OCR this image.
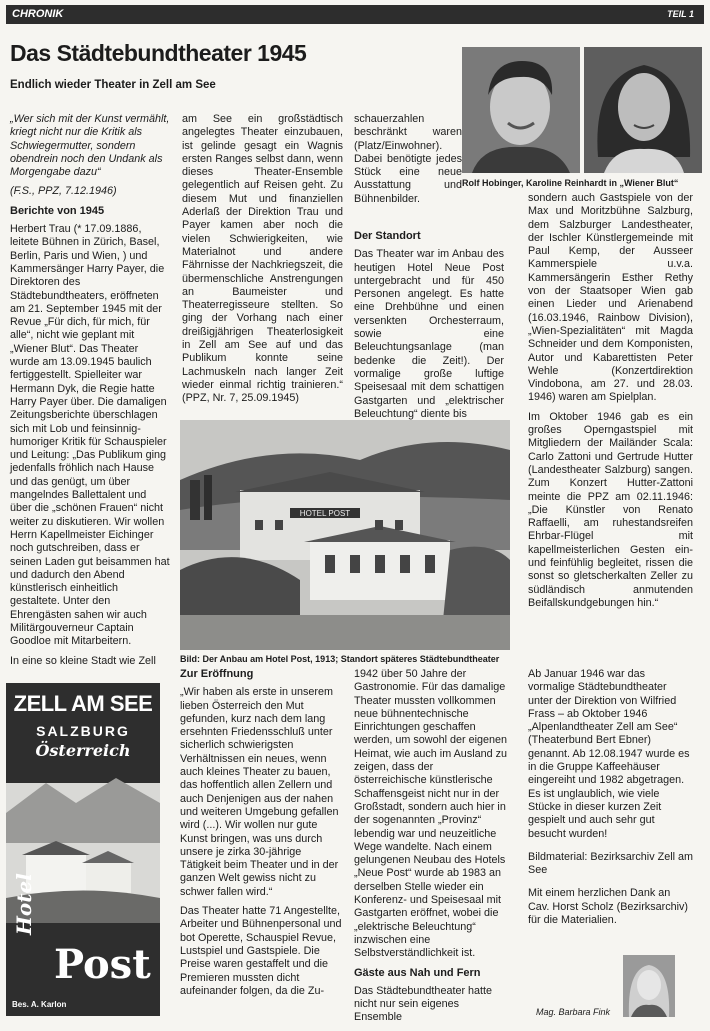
CHRONIK	TEIL 1
Das Städtebundtheater 1945
Endlich wieder Theater in Zell am See

„Wer sich mit der Kunst vermählt, kriegt nicht nur die Kritik als Schwiegermutter, sondern obendrein noch den Undank als Morgengabe dazu“

(F.S., PPZ, 7.12.1946)

Berichte von 1945

Herbert Trau (* 17.09.1886, leitete Bühnen in Zürich, Basel, Berlin, Paris und Wien, ) und Kammersänger Harry Payer, die Direktoren des Städtebundtheaters, eröffneten am 21. September 1945 mit der Revue „Für dich, für mich, für alle“, nicht wie geplant mit „Wiener Blut“. Das Theater wurde am 13.09.1945 baulich fertiggestellt. Spielleiter war Hermann Dyk, die Regie hatte Harry Payer über. Die damaligen Zeitungsberichte überschlagen sich mit Lob und feinsinnig-humoriger Kritik für Schauspieler und Leitung: „Das Publikum ging jedenfalls fröhlich nach Hause und das genügt, um über mangelndes Ballettalent und über die „schönen Frauen“ nicht weiter zu diskutieren. Wir wollen Herrn Kapellmeister Eichinger noch gutschreiben, dass er seinen Laden gut beisammen hat und dadurch den Abend künstlerisch einheitlich gestaltete. Unter den Ehrengästen sahen wir auch Militärgouverneur Captain Goodloe mit Mitarbeitern.

In eine so kleine Stadt wie Zell

am See ein großstädtisch angelegtes Theater einzubauen, ist gelinde gesagt ein Wagnis ersten Ranges selbst dann, wenn dieses Theater-Ensemble gelegentlich auf Reisen geht. Zu diesem Mut und finanziellen Aderlaß der Direktion Trau und Payer kamen aber noch die vielen Schwierigkeiten, wie Materialnot und andere Fährnisse der Nachkriegszeit, die übermenschliche Anstrengungen an Baumeister und Theaterregisseure stellten. So ging der Vorhang nach einer dreißigjährigen Theaterlosigkeit in Zell am See auf und das Publikum konnte seine Lachmuskeln nach langer Zeit wieder einmal richtig trainieren.“ (PPZ, Nr. 7, 25.09.1945)

schauerzahlen beschränkt waren (Platz/Einwohner). Dabei benötigte jedes Stück eine neue Ausstattung und Bühnenbilder.

Der Standort

Das Theater war im Anbau des heutigen Hotel Neue Post untergebracht und für 450 Personen angelegt. Es hatte eine Drehbühne und einen versenkten Orchesterraum, sowie eine Beleuchtungsanlage (man bedenke die Zeit!). Der vormalige große luftige Speisesaal mit dem schattigen Gastgarten und „elektrischer Beleuchtung“ diente bis

Rolf Hobinger, Karoline Reinhardt in „Wiener Blut“

sondern auch Gastspiele von der Max und Moritzbühne Salzburg, dem Salzburger Landestheater, der Ischler Künstlergemeinde mit Paul Kemp, der Ausseer Kammerspiele u.v.a. Kammersängerin Esther Rethy von der Staatsoper Wien gab einen Lieder und Arienabend (16.03.1946, Rainbow Division), „Wien-Spezialitäten“ mit Magda Schneider und dem Komponisten, Autor und Kabarettisten Peter Wehle (Konzertdirektion Vindobona, am 27. und 28.03. 1946) waren am Spielplan.

Im Oktober 1946 gab es ein großes Operngastspiel mit Mitgliedern der Mailänder Scala: Carlo Zattoni und Gertrude Hutter (Landestheater Salzburg) sangen. Zum Konzert Hutter-Zattoni meinte die PPZ am 02.11.1946: „Die Künstler von Renato Raffaelli, am ruhestandsreifen Ehrbar-Flügel mit kapellmeisterlichen Gesten ein- und feinfühlig begleitet, rissen die sonst so gletscherkalten Zeller zu südländisch anmutenden Beifallskundgebungen hin.“

HOTEL POST
Bild: Der Anbau am Hotel Post, 1913; Standort späteres Städtebundtheater
Zur Eröffnung

„Wir haben als erste in unserem lieben Österreich den Mut gefunden, kurz nach dem lang ersehnten Friedensschluß unter sicherlich schwierigsten Verhältnissen ein neues, wenn auch kleines Theater zu bauen, das hoffentlich allen Zellern und auch Denjenigen aus der nahen und weiteren Umgebung gefallen wird (...). Wir wollen nur gute Kunst bringen, was uns durch unsere je zirka 30-jährige Tätigkeit beim Theater und in der ganzen Welt gewiss nicht zu schwer fallen wird.“

Das Theater hatte 71 Angestellte, Arbeiter und Bühnenpersonal und bot Operette, Schauspiel Revue, Lustspiel und Gastspiele. Die Preise waren gestaffelt und die Premieren mussten dicht aufeinander folgen, da die Zu-

1942 über 50 Jahre der Gastronomie. Für das damalige Theater mussten vollkommen neue bühnentechnische Einrichtungen geschaffen werden, um sowohl der eigenen Heimat, wie auch im Ausland zu zeigen, dass der österreichische künstlerische Schaffensgeist nicht nur in der Großstadt, sondern auch hier in der sogenannten „Provinz“ lebendig war und neuzeitliche Wege wandelte. Nach einem gelungenen Neubau des Hotels „Neue Post“ wurde ab 1983 an derselben Stelle wieder ein Konferenz- und Speisesaal mit Gastgarten eröffnet, wobei die „elektrische Beleuchtung“ inzwischen eine Selbstverständlichkeit ist.

Gäste aus Nah und Fern

Das Städtebundtheater hatte nicht nur sein eigenes Ensemble

Ab Januar 1946 war das vormalige Städtebundtheater unter der Direktion von Wilfried Frass – ab Oktober 1946 „Alpenlandtheater Zell am See“ (Theaterbund Bert Ebner) genannt. Ab 12.08.1947 wurde es in die Gruppe Kaffeehäuser eingereiht und 1982 abgetragen. Es ist unglaublich, wie viele Stücke in dieser kurzen Zeit gespielt und auch sehr gut besucht wurden!

Bildmaterial: Bezirksarchiv Zell am See

Mit einem herzlichen Dank an Cav. Horst Scholz (Bezirksarchiv) für die Materialien.

ZELL AM SEE
SALZBURG
Österreich
Hotel
Post
Bes. A. Karlon
Mag. Barbara Fink
